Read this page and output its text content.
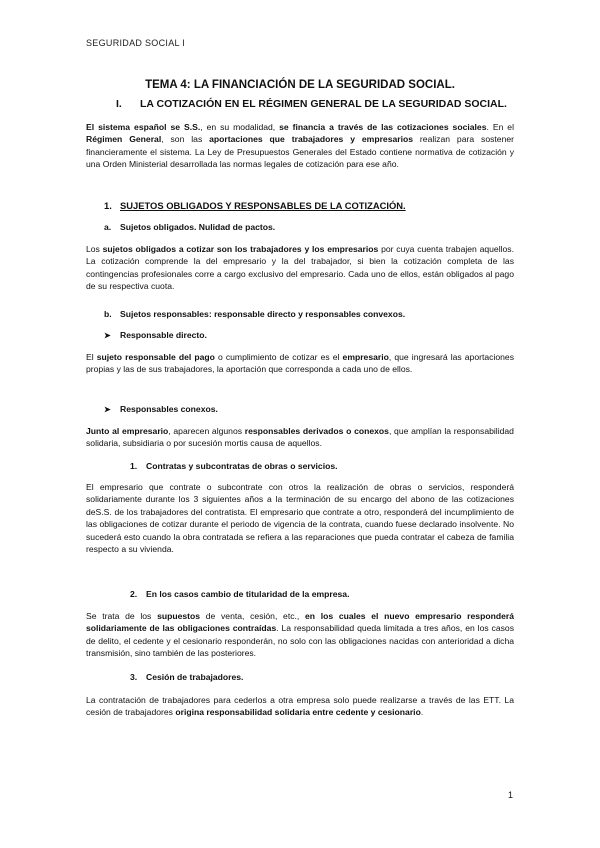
SEGURIDAD SOCIAL I
TEMA 4: LA FINANCIACIÓN DE LA SEGURIDAD SOCIAL.
I. LA COTIZACIÓN EN EL RÉGIMEN GENERAL DE LA SEGURIDAD SOCIAL.
El sistema español se S.S., en su modalidad, se financia a través de las cotizaciones sociales. En el Régimen General, son las aportaciones que trabajadores y empresarios realizan para sostener financieramente el sistema. La Ley de Presupuestos Generales del Estado contiene normativa de cotización y una Orden Ministerial desarrollada las normas legales de cotización para ese año.
1. SUJETOS OBLIGADOS Y RESPONSABLES DE LA COTIZACIÓN.
a. Sujetos obligados. Nulidad de pactos.
Los sujetos obligados a cotizar son los trabajadores y los empresarios por cuya cuenta trabajen aquellos. La cotización comprende la del empresario y la del trabajador, si bien la cotización completa de las contingencias profesionales corre a cargo exclusivo del empresario. Cada uno de ellos, están obligados al pago de su respectiva cuota.
b. Sujetos responsables: responsable directo y responsables convexos.
➤ Responsable directo.
El sujeto responsable del pago o cumplimiento de cotizar es el empresario, que ingresará las aportaciones propias y las de sus trabajadores, la aportación que corresponda a cada uno de ellos.
➤ Responsables conexos.
Junto al empresario, aparecen algunos responsables derivados o conexos, que amplían la responsabilidad solidaria, subsidiaria o por sucesión mortis causa de aquellos.
1. Contratas y subcontratas de obras o servicios.
El empresario que contrate o subcontrate con otros la realización de obras o servicios, responderá solidariamente durante los 3 siguientes años a la terminación de su encargo del abono de las cotizaciones deS.S. de los trabajadores del contratista. El empresario que contrate a otro, responderá del incumplimiento de las obligaciones de cotizar durante el periodo de vigencia de la contrata, cuando fuese declarado insolvente. No sucederá esto cuando la obra contratada se refiera a las reparaciones que pueda contratar el cabeza de familia respecto a su vivienda.
2. En los casos cambio de titularidad de la empresa.
Se trata de los supuestos de venta, cesión, etc., en los cuales el nuevo empresario responderá solidariamente de las obligaciones contraídas. La responsabilidad queda limitada a tres años, en los casos de delito, el cedente y el cesionario responderán, no solo con las obligaciones nacidas con anterioridad a dicha transmisión, sino también de las posteriores.
3. Cesión de trabajadores.
La contratación de trabajadores para cederlos a otra empresa solo puede realizarse a través de las ETT. La cesión de trabajadores origina responsabilidad solidaria entre cedente y cesionario.
1
